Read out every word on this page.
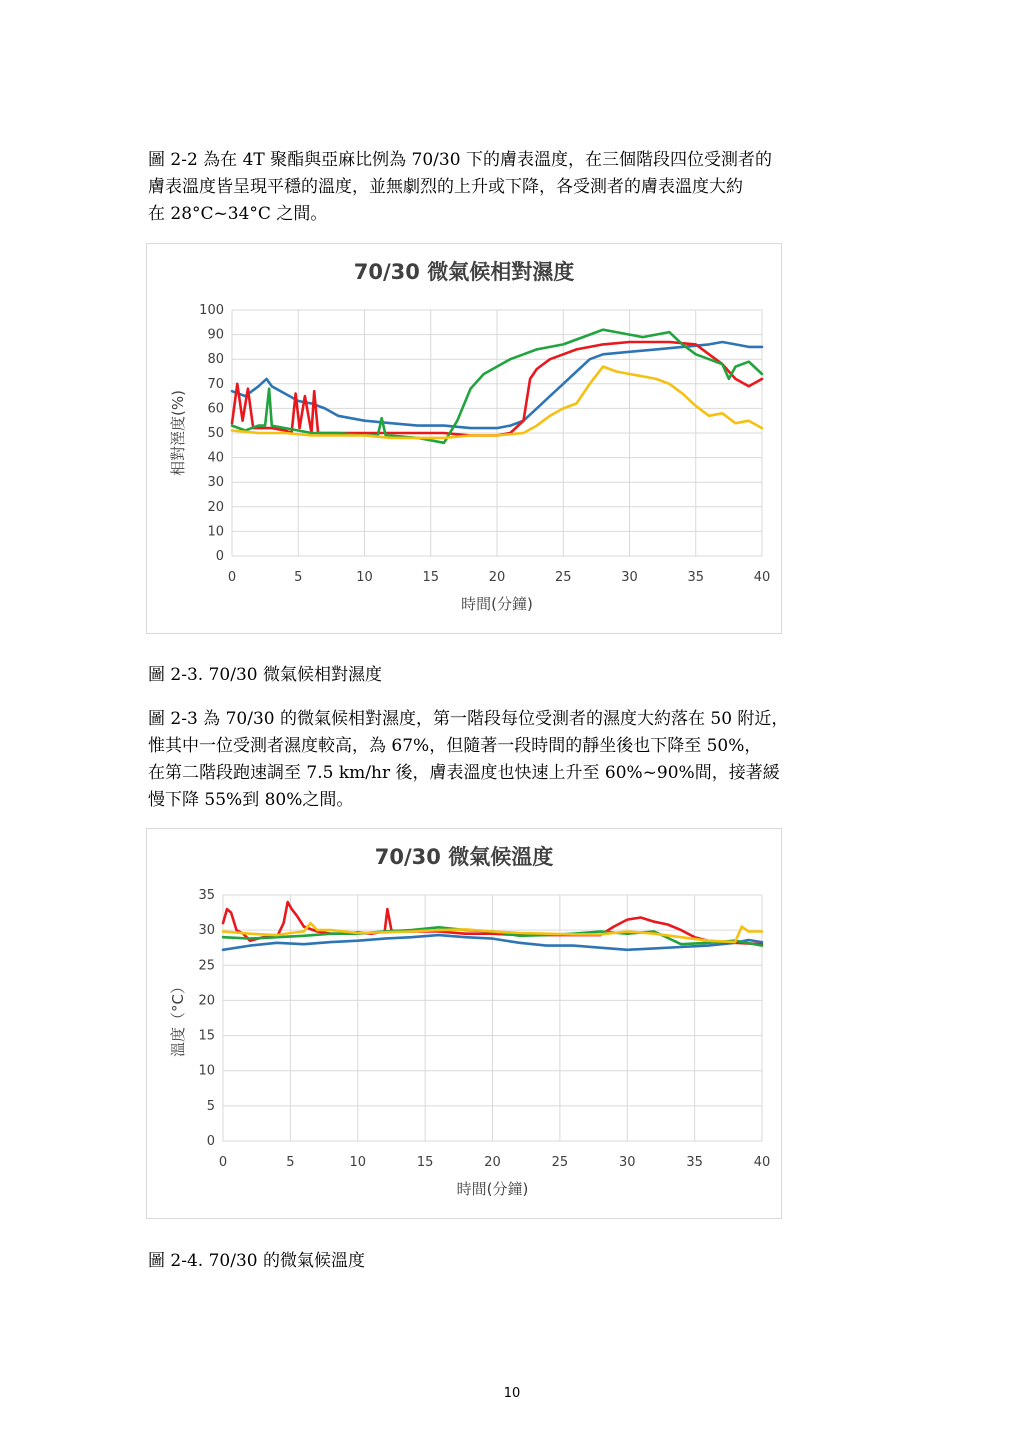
圖 2-2 為在 4T 聚酯與亞麻比例為 70/30 下的膚表溫度，在三個階段四位受測者的
膚表溫度皆呈現平穩的溫度，並無劇烈的上升或下降，各受測者的膚表溫度大約
在 28°C~34°C 之間。

70/30 微氣候相對濕度
0
10
20
30
40
50
60
70
80
90
100
0	5	10	15	20	25	30	35	40
時間(分鐘)
相對溼度(%)

圖 2-3. 70/30 微氣候相對濕度

圖 2-3 為 70/30 的微氣候相對濕度，第一階段每位受測者的濕度大約落在 50 附近，
惟其中一位受測者濕度較高，為 67%，但隨著一段時間的靜坐後也下降至 50%，
在第二階段跑速調至 7.5 km/hr 後，膚表溫度也快速上升至 60%~90%間，接著緩
慢下降 55%到 80%之間。

70/30 微氣候溫度
0
5
10
15
20
25
30
35
0	5	10	15	20	25	30	35	40
時間(分鐘)
溫度（°C）

圖 2-4. 70/30 的微氣候溫度

10
